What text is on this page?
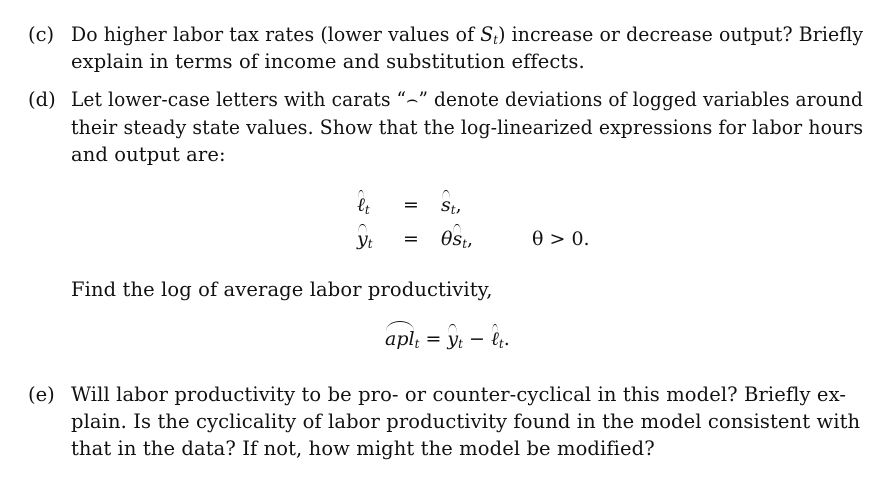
(c) Do higher labor tax rates (lower values of $S_t$) increase or decrease output? Briefly
explain in terms of income and substitution effects.
(d) Let lower-case letters with carats “⌢” denote deviations of logged variables around
their steady state values. Show that the log-linearized expressions for labor hours
and output are:
ℓ$_t$ = $s_t$,
$y_t = \theta s_t$,	θ > 0.
Find the log of average labor productivity,
$apl_t = y_t$ − ℓ$_t$.
(e) Will labor productivity to be pro- or counter-cyclical in this model? Briefly ex-
plain. Is the cyclicality of labor productivity found in the model consistent with
that in the data? If not, how might the model be modified?
